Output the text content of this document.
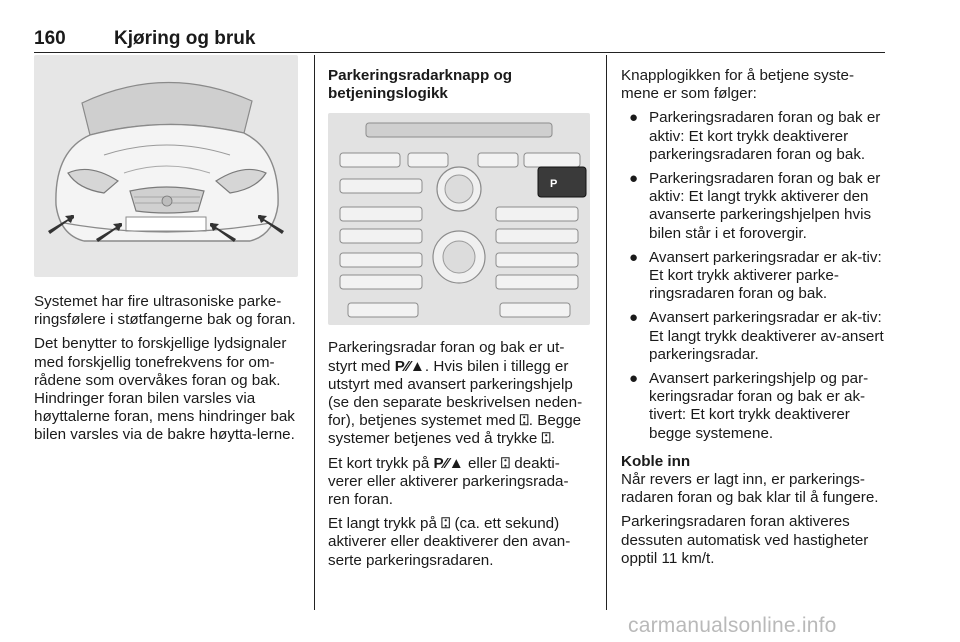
160	Kjøring og bruk

Systemet har fire ultrasoniske parke-ringsfølere i støtfangerne bak og foran.

Det benytter to forskjellige lydsignaler med forskjellig tonefrekvens for om-rådene som overvåkes foran og bak. Hindringer foran bilen varsles via høyttalerne foran, mens hindringer bak bilen varsles via de bakre høytta-lerne.

Parkeringsradarknapp og

betjeningslogikk

P

Parkeringsradar foran og bak er ut-styrt med P⁄⁄▲. Hvis bilen i tillegg er utstyrt med avansert parkeringshjelp (se den separate beskrivelsen neden-for), betjenes systemet med ⍠. Begge systemer betjenes ved å trykke ⍠.

Et kort trykk på P⁄⁄▲ eller ⍠ deakti-verer eller aktiverer parkeringsrada-ren foran.

Et langt trykk på ⍠ (ca. ett sekund) aktiverer eller deaktiverer den avan-serte parkeringsradaren.

Knapplogikken for å betjene syste-mene er som følger:

● Parkeringsradaren foran og bak er aktiv: Et kort trykk deaktiverer parkeringsradaren foran og bak.
● Parkeringsradaren foran og bak er aktiv: Et langt trykk aktiverer den avanserte parkeringshjelpen hvis bilen står i et forovergir.
● Avansert parkeringsradar er ak-tiv: Et kort trykk aktiverer parke-ringsradaren foran og bak.
● Avansert parkeringsradar er ak-tiv: Et langt trykk deaktiverer av-ansert parkeringsradar.
● Avansert parkeringshjelp og par-keringsradar foran og bak er ak-tivert: Et kort trykk deaktiverer begge systemene.

Koble inn

Når revers er lagt inn, er parkerings-radaren foran og bak klar til å fungere.

Parkeringsradaren foran aktiveres dessuten automatisk ved hastigheter opptil 11 km/t.

carmanualsonline.info
